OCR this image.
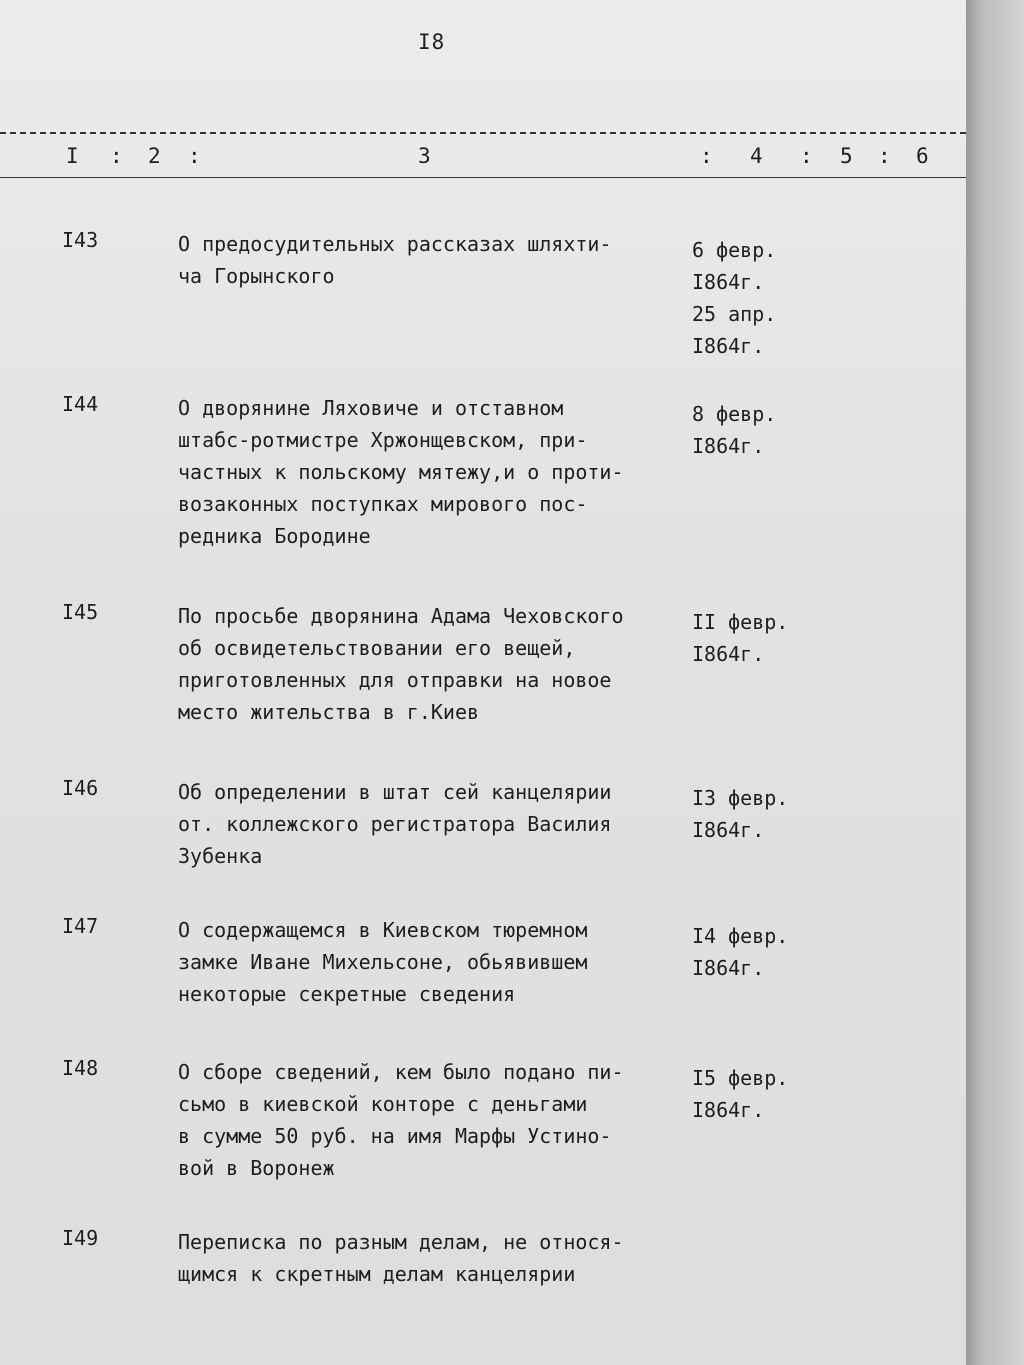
I8
I : 2 :	3	: 4 : 5 : 6
I43	О предосудительных рассказах шляхти-
ча Горынского
6 февр.
I864г.
25 апр.
I864г.
I44	О дворянине Ляховиче и отставном
штабс-ротмистре Хржонщевском, при-
частных к польскому мятежу,и о проти-
возаконных поступках мирового пос-
редника Бородине
8 февр.
I864г.
I45	По просьбе дворянина Адама Чеховского
об освидетельствовании его вещей,
приготовленных для отправки на новое
место жительства в г.Киев
II февр.
I864г.
I46	Об определении в штат сей канцелярии
от. коллежского регистратора Василия
Зубенка
I3 февр.
I864г.
I47	О содержащемся в Киевском тюремном
замке Иване Михельсоне, обьявившем
некоторые секретные сведения
I4 февр.
I864г.
I48	О сборе сведений, кем было подано пи-
сьмо в киевской конторе с деньгами
в сумме 50 руб. на имя Марфы Устино-
вой в Воронеж
I5 февр.
I864г.
I49	Переписка по разным делам, не относя-
щимся к скретным делам канцелярии
